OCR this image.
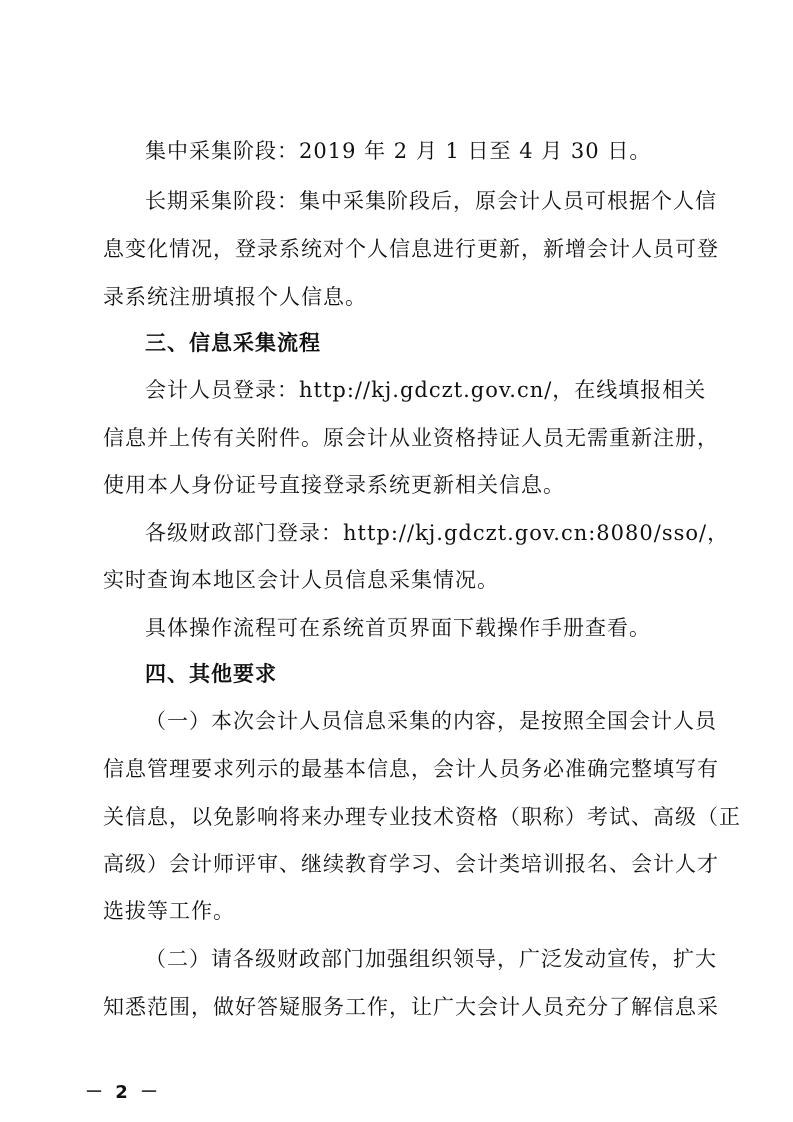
集中采集阶段：2019 年 2 月 1 日至 4 月 30 日。
长期采集阶段：集中采集阶段后，原会计人员可根据个人信
息变化情况，登录系统对个人信息进行更新，新增会计人员可登
录系统注册填报个人信息。
三、信息采集流程
会计人员登录：http://kj.gdczt.gov.cn/，在线填报相关
信息并上传有关附件。原会计从业资格持证人员无需重新注册，
使用本人身份证号直接登录系统更新相关信息。
各级财政部门登录：http://kj.gdczt.gov.cn:8080/sso/，
实时查询本地区会计人员信息采集情况。
具体操作流程可在系统首页界面下载操作手册查看。
四、其他要求
（一）本次会计人员信息采集的内容，是按照全国会计人员
信息管理要求列示的最基本信息，会计人员务必准确完整填写有
关信息，以免影响将来办理专业技术资格（职称）考试、高级（正
高级）会计师评审、继续教育学习、会计类培训报名、会计人才
选拔等工作。
（二）请各级财政部门加强组织领导，广泛发动宣传，扩大
知悉范围，做好答疑服务工作，让广大会计人员充分了解信息采
－ 2 －
